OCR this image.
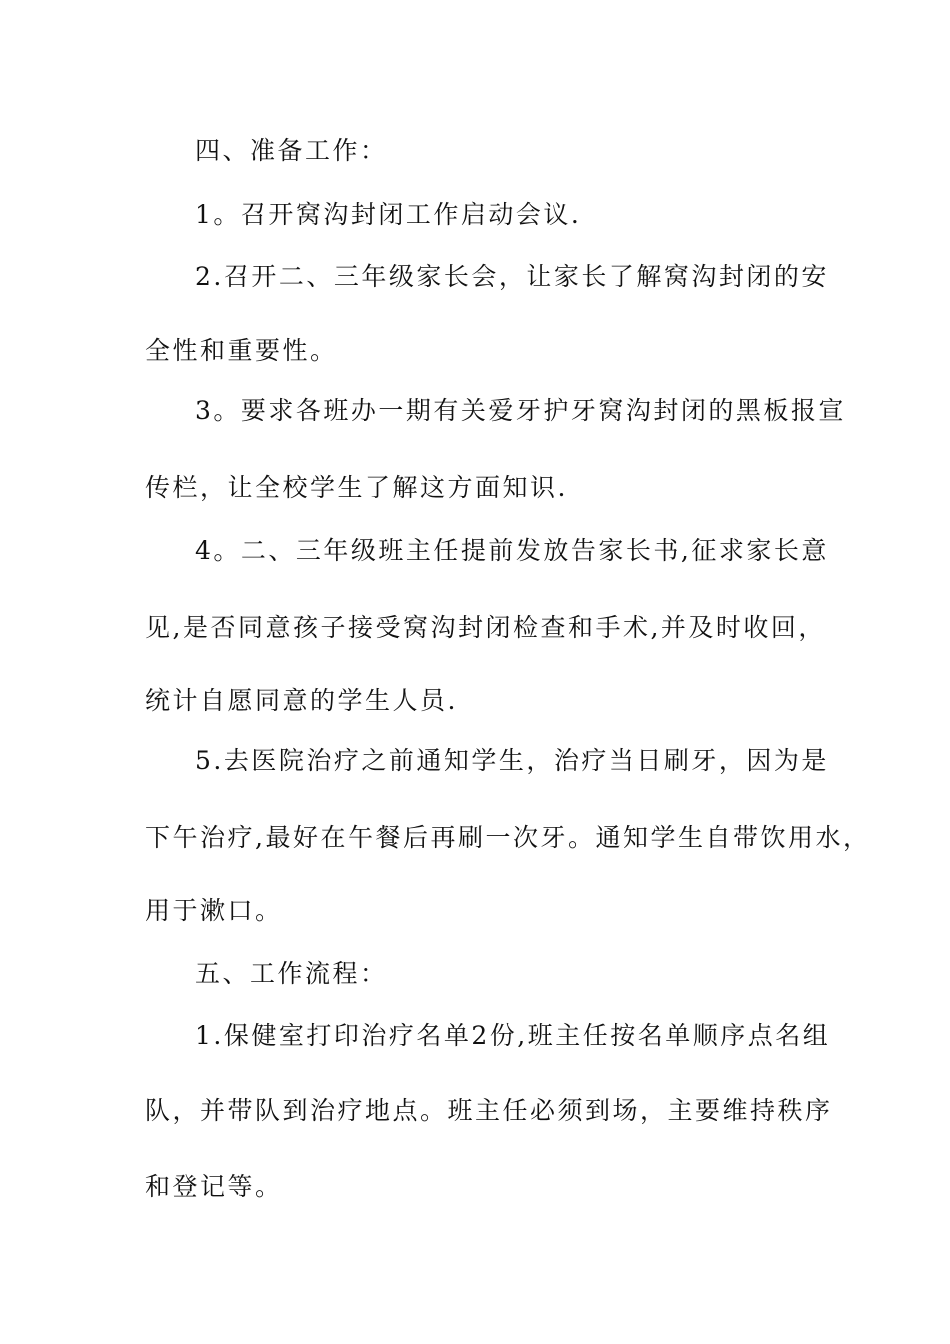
四、准备工作：
1。召开窝沟封闭工作启动会议.
2.召开二、三年级家长会，让家长了解窝沟封闭的安
全性和重要性。
3。要求各班办一期有关爱牙护牙窝沟封闭的黑板报宣
传栏，让全校学生了解这方面知识.
4。二、三年级班主任提前发放告家长书,征求家长意
见,是否同意孩子接受窝沟封闭检查和手术,并及时收回，
统计自愿同意的学生人员.
5.去医院治疗之前通知学生，治疗当日刷牙，因为是
下午治疗,最好在午餐后再刷一次牙。通知学生自带饮用水，
用于漱口。
五、工作流程：
1.保健室打印治疗名单2份,班主任按名单顺序点名组
队，并带队到治疗地点。班主任必须到场，主要维持秩序
和登记等。
